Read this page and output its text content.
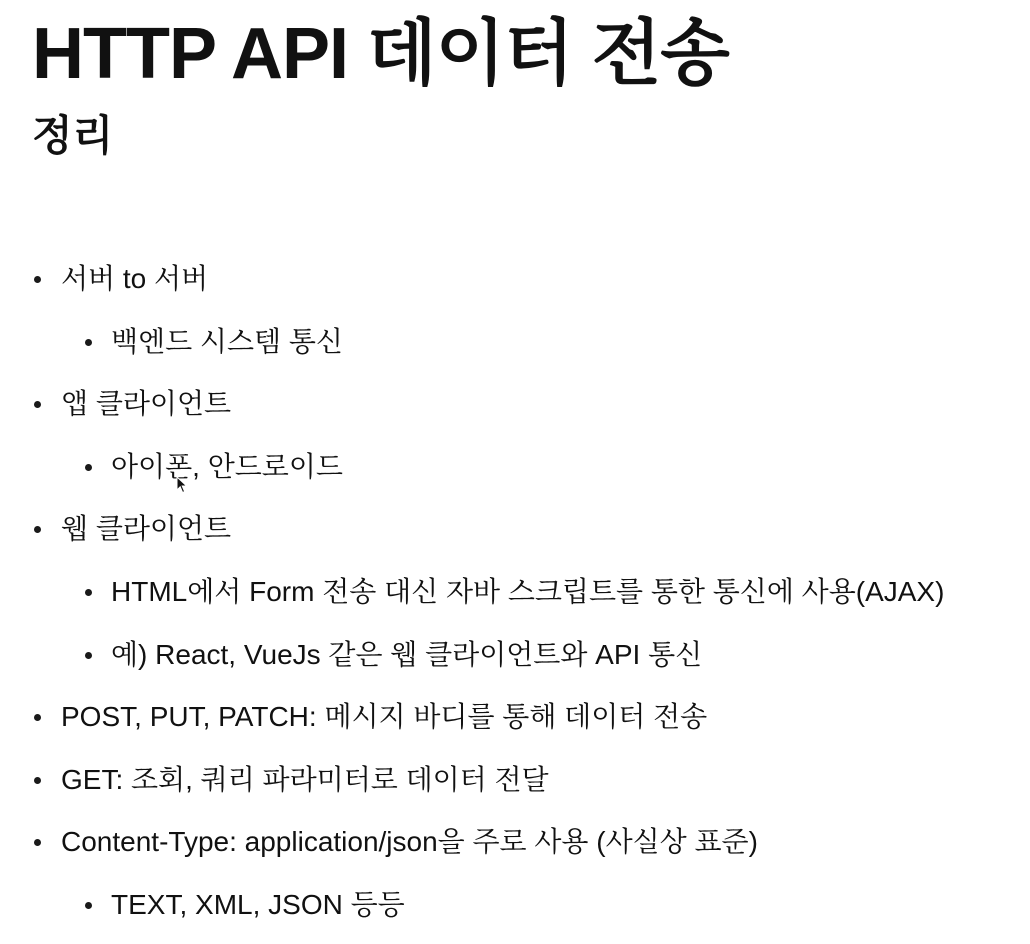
HTTP API 데이터 전송
정리
서버 to 서버
백엔드 시스템 통신
앱 클라이언트
아이폰, 안드로이드
웹 클라이언트
HTML에서 Form 전송 대신 자바 스크립트를 통한 통신에 사용(AJAX)
예) React, VueJs 같은 웹 클라이언트와 API 통신
POST, PUT, PATCH: 메시지 바디를 통해 데이터 전송
GET: 조회, 쿼리 파라미터로 데이터 전달
Content-Type: application/json을 주로 사용 (사실상 표준)
TEXT, XML, JSON 등등
